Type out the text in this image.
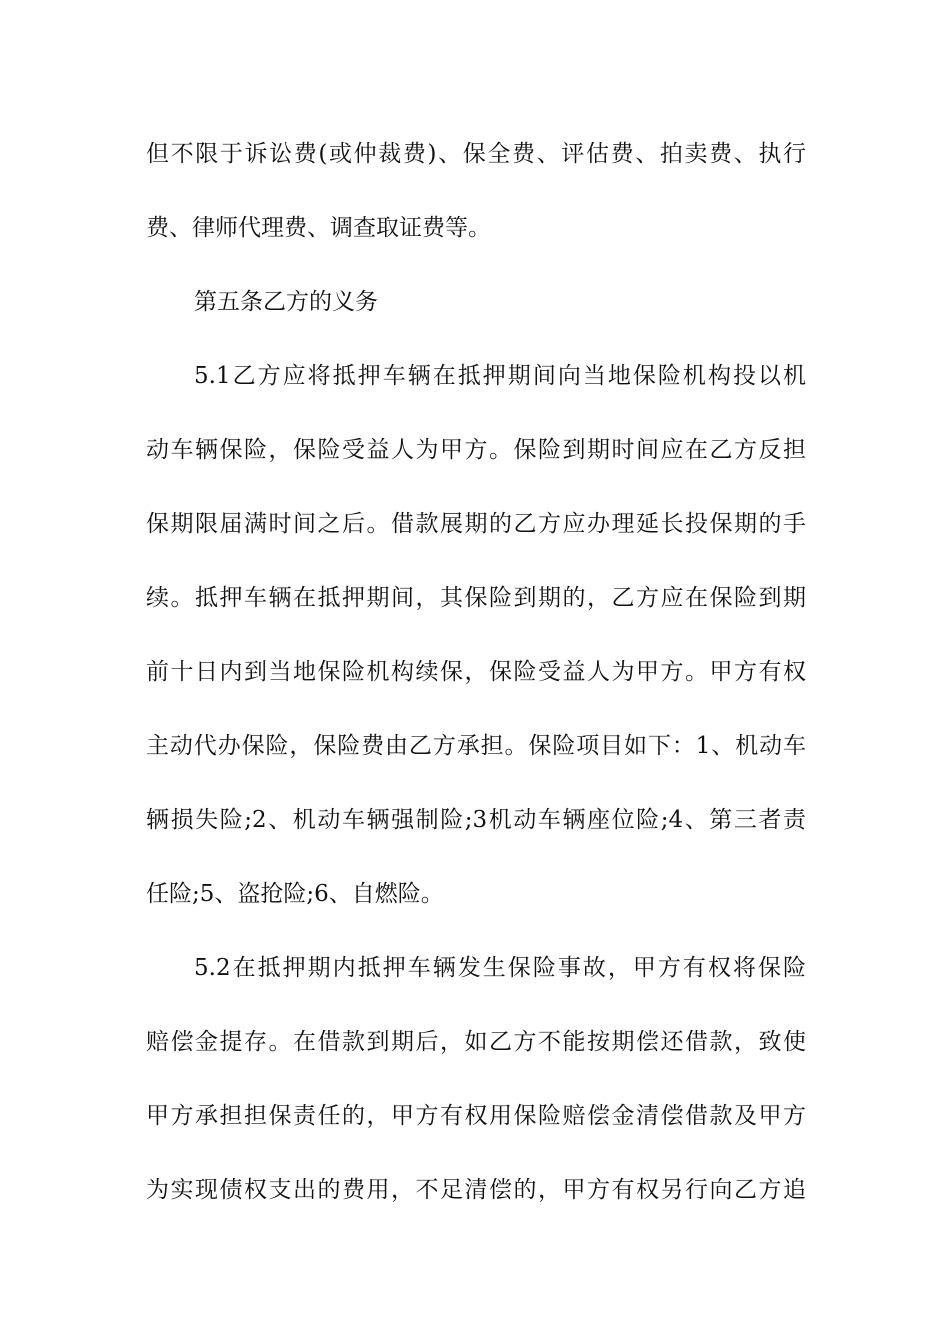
但不限于诉讼费(或仲裁费)、保全费、评估费、拍卖费、执行
费、律师代理费、调查取证费等。
第五条乙方的义务
5.1乙方应将抵押车辆在抵押期间向当地保险机构投以机
动车辆保险，保险受益人为甲方。保险到期时间应在乙方反担
保期限届满时间之后。借款展期的乙方应办理延长投保期的手
续。抵押车辆在抵押期间，其保险到期的，乙方应在保险到期
前十日内到当地保险机构续保，保险受益人为甲方。甲方有权
主动代办保险，保险费由乙方承担。保险项目如下：1、机动车
辆损失险;2、机动车辆强制险;3机动车辆座位险;4、第三者责
任险;5、盗抢险;6、自燃险。
5.2在抵押期内抵押车辆发生保险事故，甲方有权将保险
赔偿金提存。在借款到期后，如乙方不能按期偿还借款，致使
甲方承担担保责任的，甲方有权用保险赔偿金清偿借款及甲方
为实现债权支出的费用，不足清偿的，甲方有权另行向乙方追
